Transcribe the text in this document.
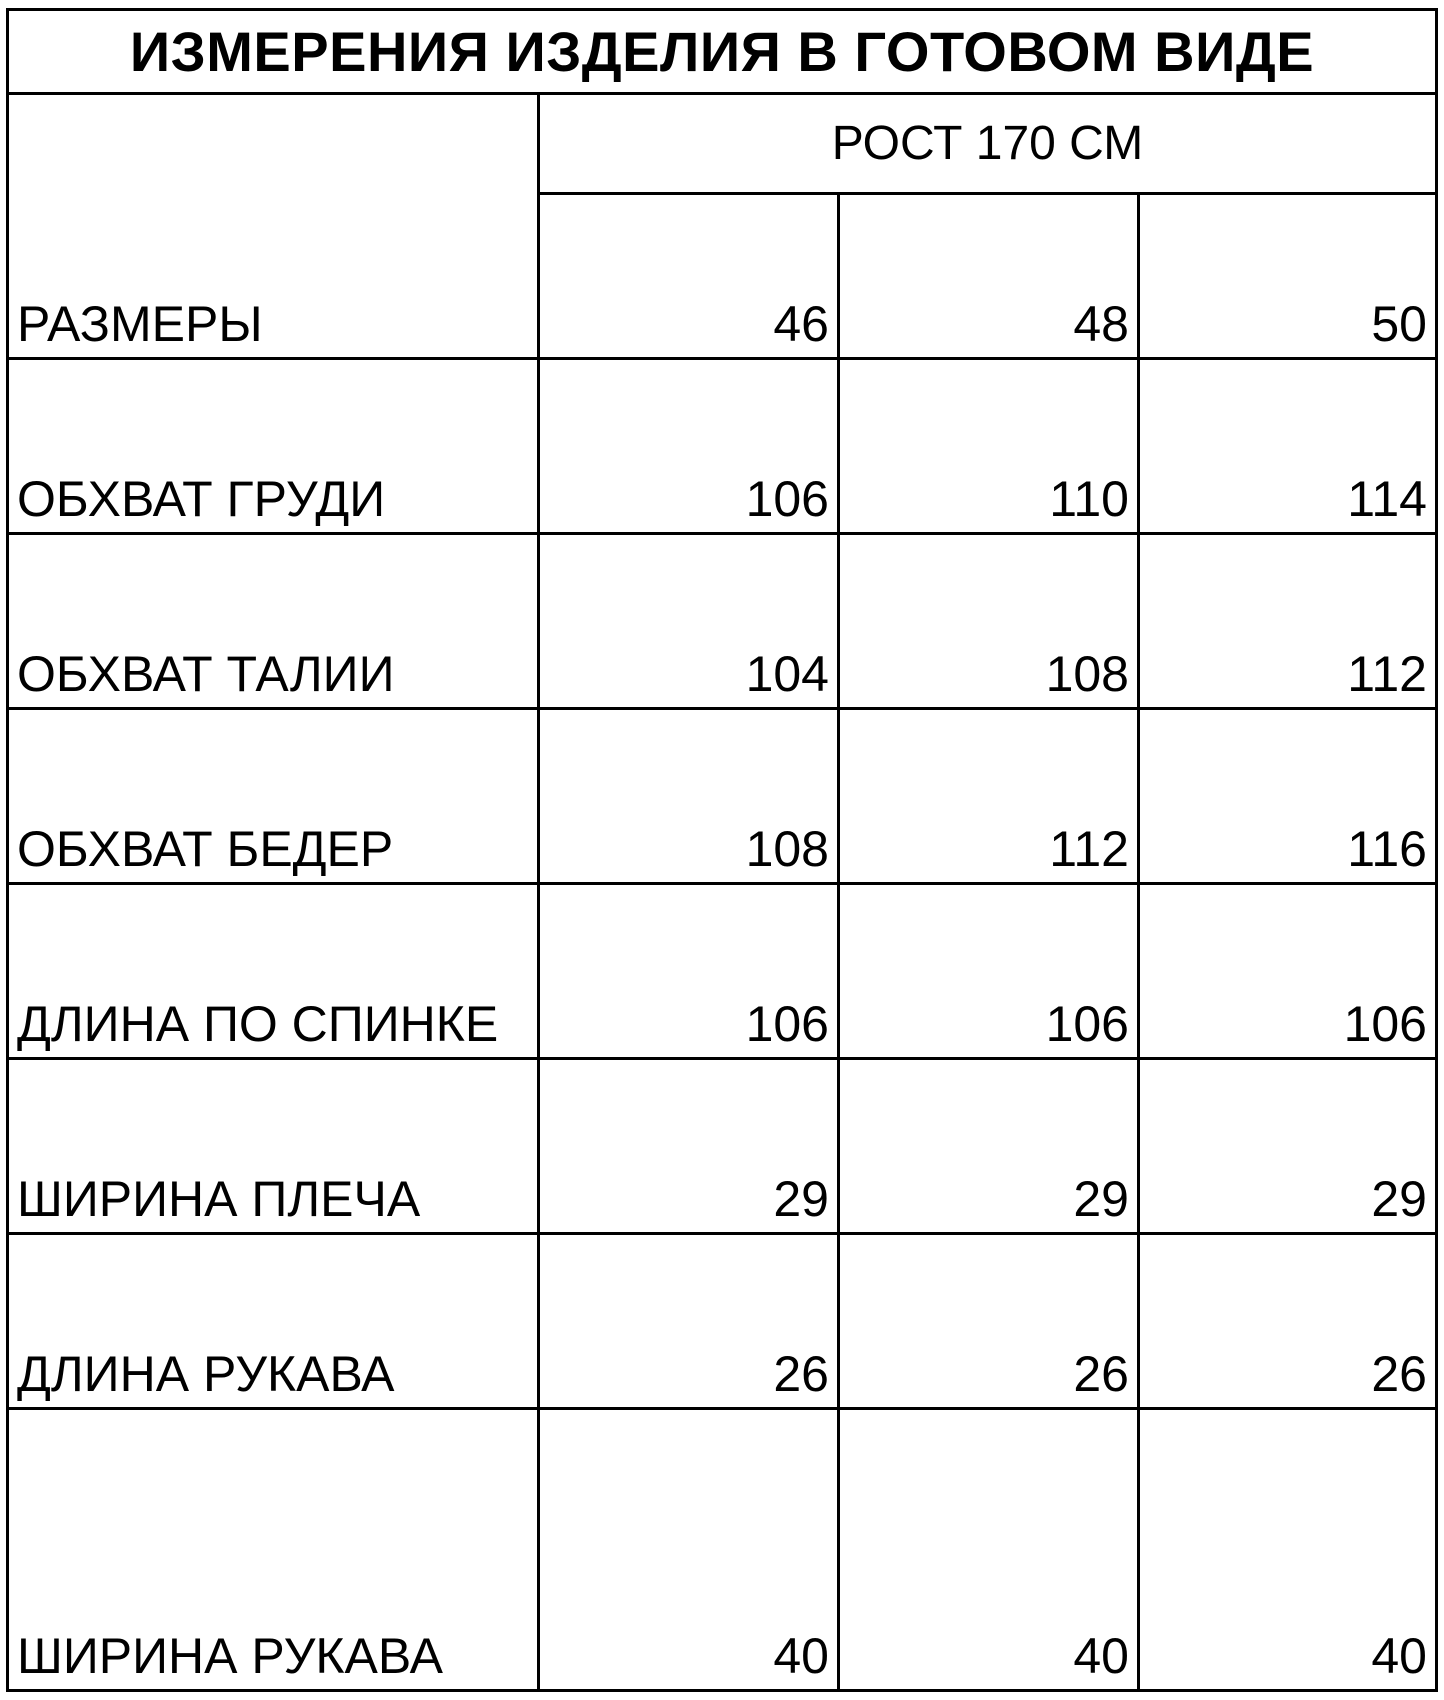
ИЗМЕРЕНИЯ ИЗДЕЛИЯ В ГОТОВОМ ВИДЕ
РОСТ 170 СМ
РАЗМЕРЫ	46	48	50
ОБХВАТ ГРУДИ	106	110	114
ОБХВАТ ТАЛИИ	104	108	112
ОБХВАТ БЕДЕР	108	112	116
ДЛИНА ПО СПИНКЕ	106	106	106
ШИРИНА ПЛЕЧА	29	29	29
ДЛИНА РУКАВА	26	26	26
ШИРИНА РУКАВА	40	40	40
